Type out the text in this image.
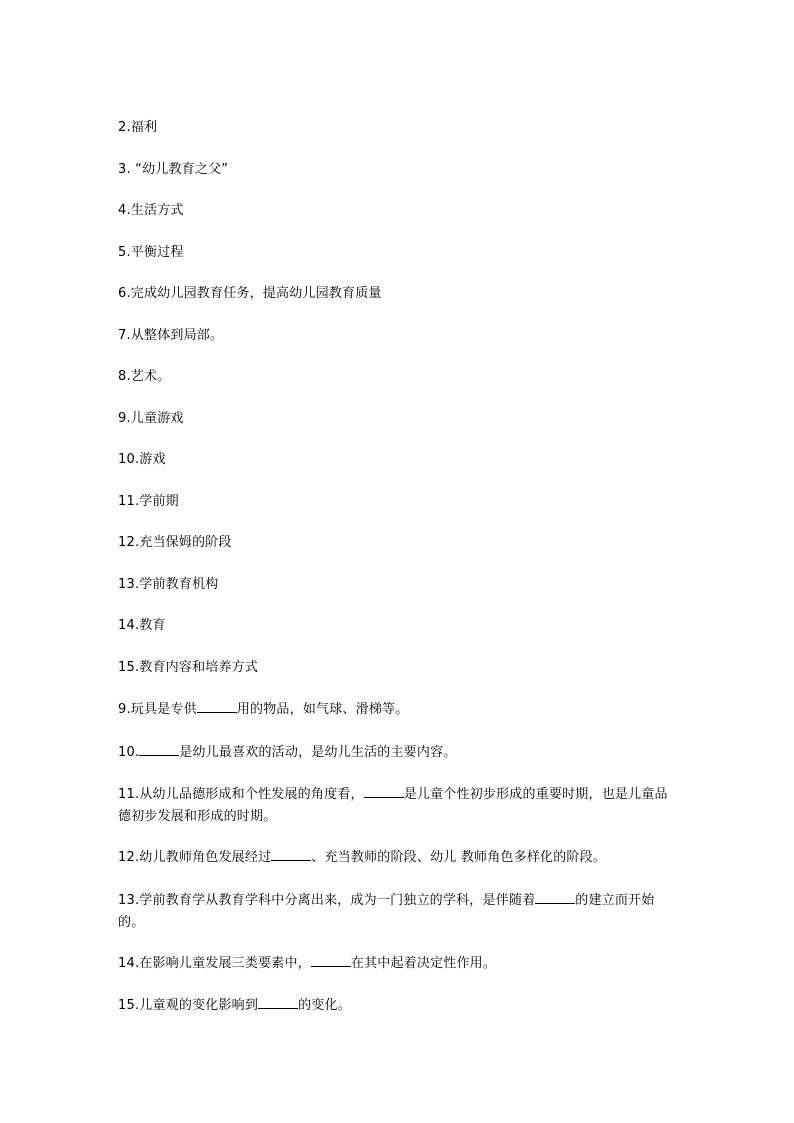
2.福利
3. “幼儿教育之父”
4.生活方式
5.平衡过程
6.完成幼儿园教育任务，提高幼儿园教育质量
7.从整体到局部。
8.艺术。
9.儿童游戏
10.游戏
11.学前期
12.充当保姆的阶段
13.学前教育机构
14.教育
15.教育内容和培养方式
9.玩具是专供	用的物品，如气球、滑梯等。
10.	是幼儿最喜欢的活动，是幼儿生活的主要内容。
11.从幼儿品德形成和个性发展的角度看，	是儿童个性初步形成的重要时期，也是儿童品德初步发展和形成的时期。
12.幼儿教师角色发展经过	、充当教师的阶段、幼儿 教师角色多样化的阶段。
13.学前教育学从教育学科中分离出来，成为一门独立的学科，是伴随着	的建立而开始的。
14.在影响儿童发展三类要素中，	在其中起着决定性作用。
15.儿童观的变化影响到	的变化。
